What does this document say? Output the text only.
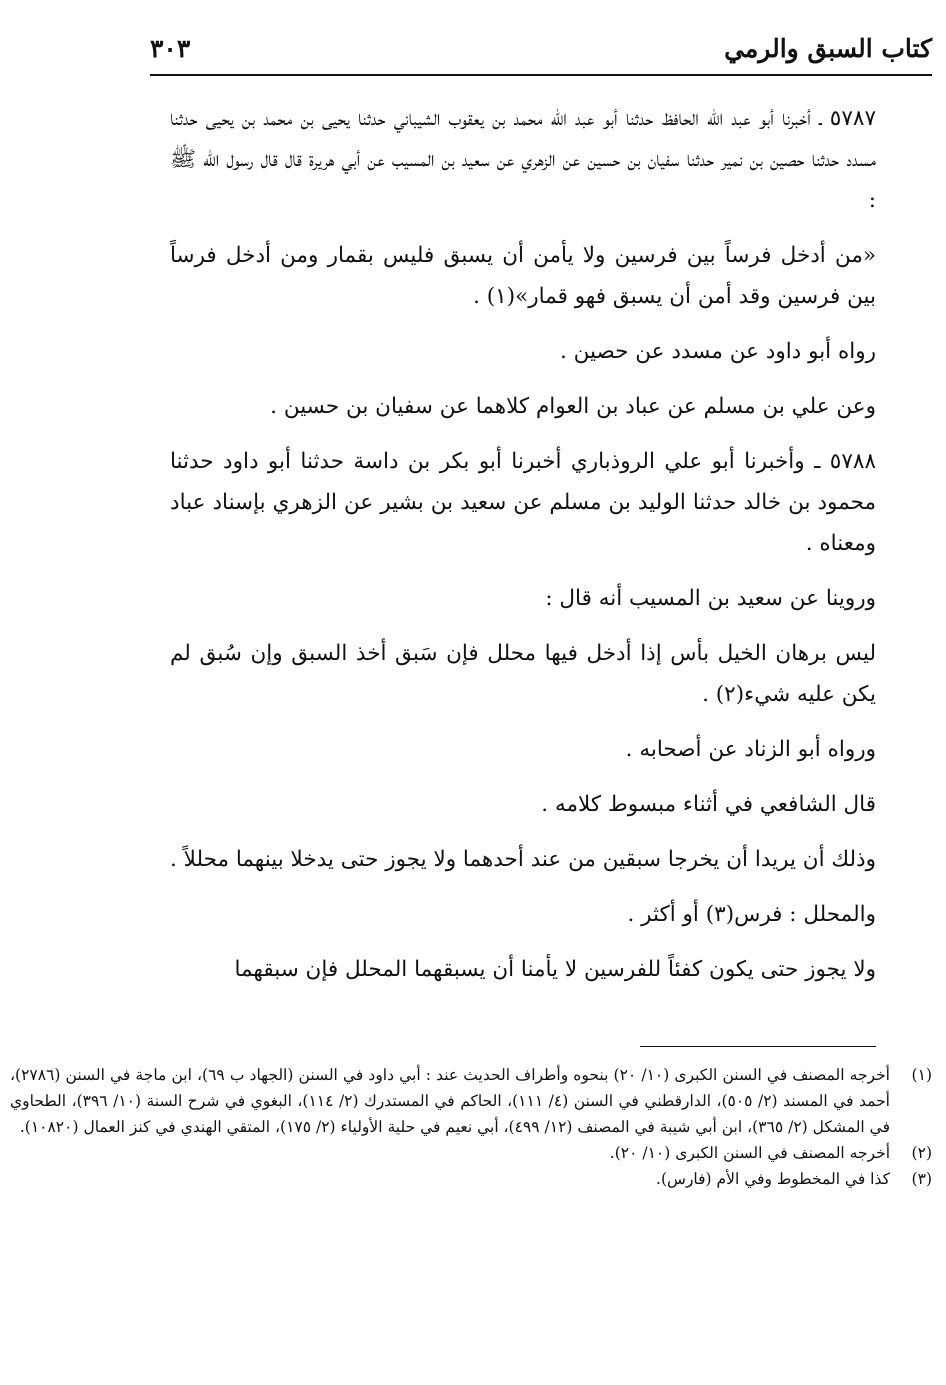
كتاب السبق والرمي
٣٠٣

٥٧٨٧ ـ أخبرنا أبو عبد الله الحافظ حدثنا أبو عبد الله محمد بن يعقوب الشيباني حدثنا يحيى بن محمد بن يحيى حدثنا مسدد حدثنا حصين بن نمير حدثنا سفيان بن حسين عن الزهري عن سعيد بن المسيب عن أبي هريرة قال قال رسول الله ﷺ :

«من أدخل فرساً بين فرسين ولا يأمن أن يسبق فليس بقمار ومن أدخل فرساً بين فرسين وقد أمن أن يسبق فهو قمار»(١) .

رواه أبو داود عن مسدد عن حصين .

وعن علي بن مسلم عن عباد بن العوام كلاهما عن سفيان بن حسين .

٥٧٨٨ ـ وأخبرنا أبو علي الروذباري أخبرنا أبو بكر بن داسة حدثنا أبو داود حدثنا محمود بن خالد حدثنا الوليد بن مسلم عن سعيد بن بشير عن الزهري بإسناد عباد ومعناه .

وروينا عن سعيد بن المسيب أنه قال :

ليس برهان الخيل بأس إذا أدخل فيها محلل فإن سَبق أخذ السبق وإن سُبق لم يكن عليه شيء(٢) .

ورواه أبو الزناد عن أصحابه .

قال الشافعي في أثناء مبسوط كلامه .

وذلك أن يريدا أن يخرجا سبقين من عند أحدهما ولا يجوز حتى يدخلا بينهما محللاً .

والمحلل : فرس(٣) أو أكثر .

ولا يجوز حتى يكون كفئاً للفرسين لا يأمنا أن يسبقهما المحلل فإن سبقهما

(١)
أخرجه المصنف في السنن الكبرى (١٠/ ٢٠) بنحوه وأطراف الحديث عند : أبي داود في السنن (الجهاد ب ٦٩)، ابن ماجة في السنن (٢٧٨٦)، أحمد في المسند (٢/ ٥٠٥)، الدارقطني في السنن (٤/ ١١١)، الحاكم في المستدرك (٢/ ١١٤)، البغوي في شرح السنة (١٠/ ٣٩٦)، الطحاوي في المشكل (٢/ ٣٦٥)، ابن أبي شيبة في المصنف (١٢/ ٤٩٩)، أبي نعيم في حلية الأولياء (٢/ ١٧٥)، المتقي الهندي في كنز العمال (١٠٨٢٠).
(٢)
أخرجه المصنف في السنن الكبرى (١٠/ ٢٠).
(٣)
كذا في المخطوط وفي الأم (فارس).
